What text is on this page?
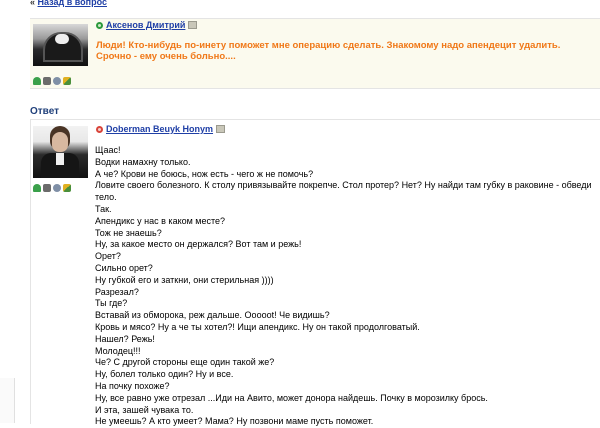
« Назад в вопрос
Аксенов Дмитрий
Люди! Кто-нибудь по-инету поможет мне операцию сделать. Знакомому надо апендецит удалить. Срочно - ему очень больно....
Ответ
Doberman Beuyk Honym
Щаас!
Водки намахну только.
А че? Крови не боюсь, нож есть - чего ж не помочь?
Ловите своего болезного. К столу привязывайте покрепче. Стол протер? Нет? Ну найди там губку в раковине - обведи тело.
Так.
Апендикс у нас в каком месте?
Тож не знаешь?
Ну, за какое место он держался? Вот там и режь!
Орет?
Сильно орет?
Ну губкой его и заткни, они стерильная ))))
Разрезал?
Ты где?
Вставай из обморока, реж дальше. Оооооt! Че видишь?
Кровь и мясо? Ну а че ты хотел?! Ищи апендикс. Ну он такой продолговатый.
Нашел? Режь!
Молодец!!!
Че? С другой стороны еще один такой же?
Ну, болел только один? Ну и все.
На почку похоже?
Ну, все равно уже отрезал ...Иди на Авито, может донора найдешь. Почку в морозилку брось.
И эта, зашей чувака то.
Не умеешь? А кто умеет? Мама? Ну позвони маме пусть поможет.
